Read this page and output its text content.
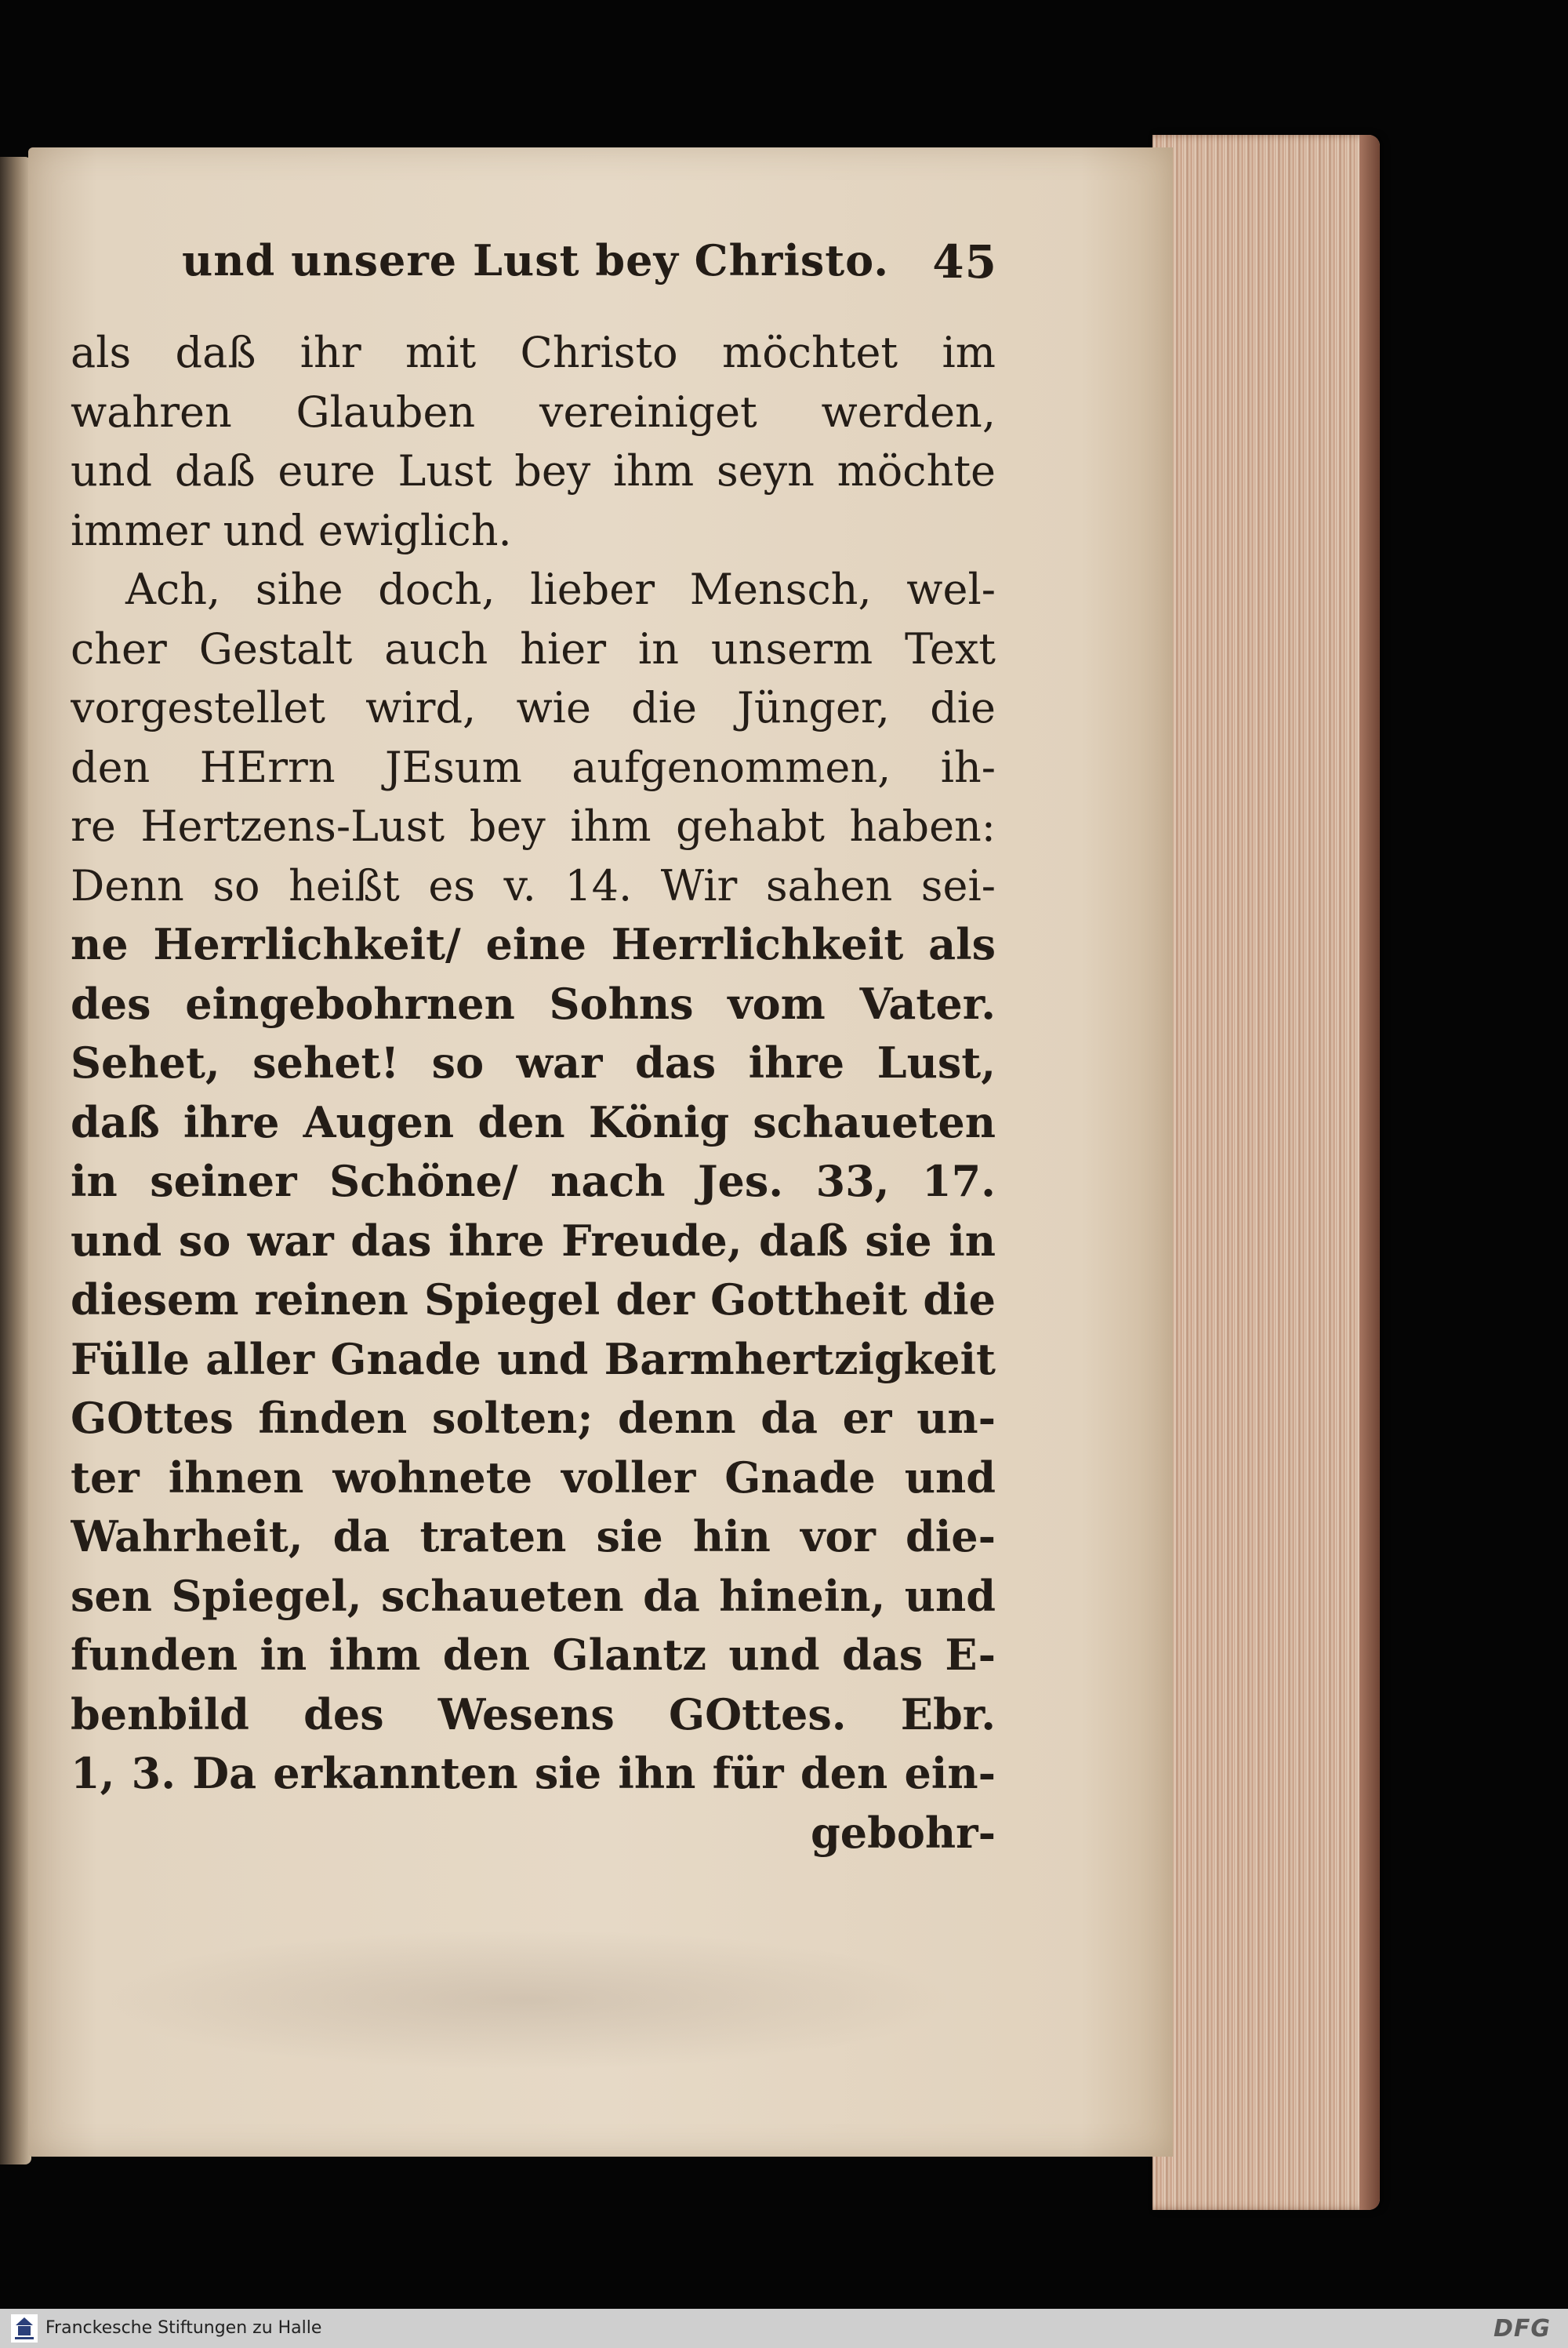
und unsere Lust bey Christo. 45
als daß ihr mit Christo möchtet im
wahren Glauben vereiniget werden,
und daß eure Lust bey ihm seyn möchte
immer und ewiglich.
Ach, sihe doch, lieber Mensch, wel-
cher Gestalt auch hier in unserm Text
vorgestellet wird, wie die Jünger, die
den HErrn JEsum aufgenommen, ih-
re Hertzens-Lust bey ihm gehabt haben:
Denn so heißt es v. 14. Wir sahen sei-
ne Herrlichkeit/ eine Herrlichkeit als
des eingebohrnen Sohns vom Vater.
Sehet, sehet! so war das ihre Lust,
daß ihre Augen den König schaueten
in seiner Schöne/ nach Jes. 33, 17.
und so war das ihre Freude, daß sie in
diesem reinen Spiegel der Gottheit die
Fülle aller Gnade und Barmhertzigkeit
GOttes finden solten; denn da er un-
ter ihnen wohnete voller Gnade und
Wahrheit, da traten sie hin vor die-
sen Spiegel, schaueten da hinein, und
funden in ihm den Glantz und das E-
benbild des Wesens GOttes. Ebr.
1, 3. Da erkannten sie ihn für den ein-
gebohr-
Franckesche Stiftungen zu Halle	DFG
